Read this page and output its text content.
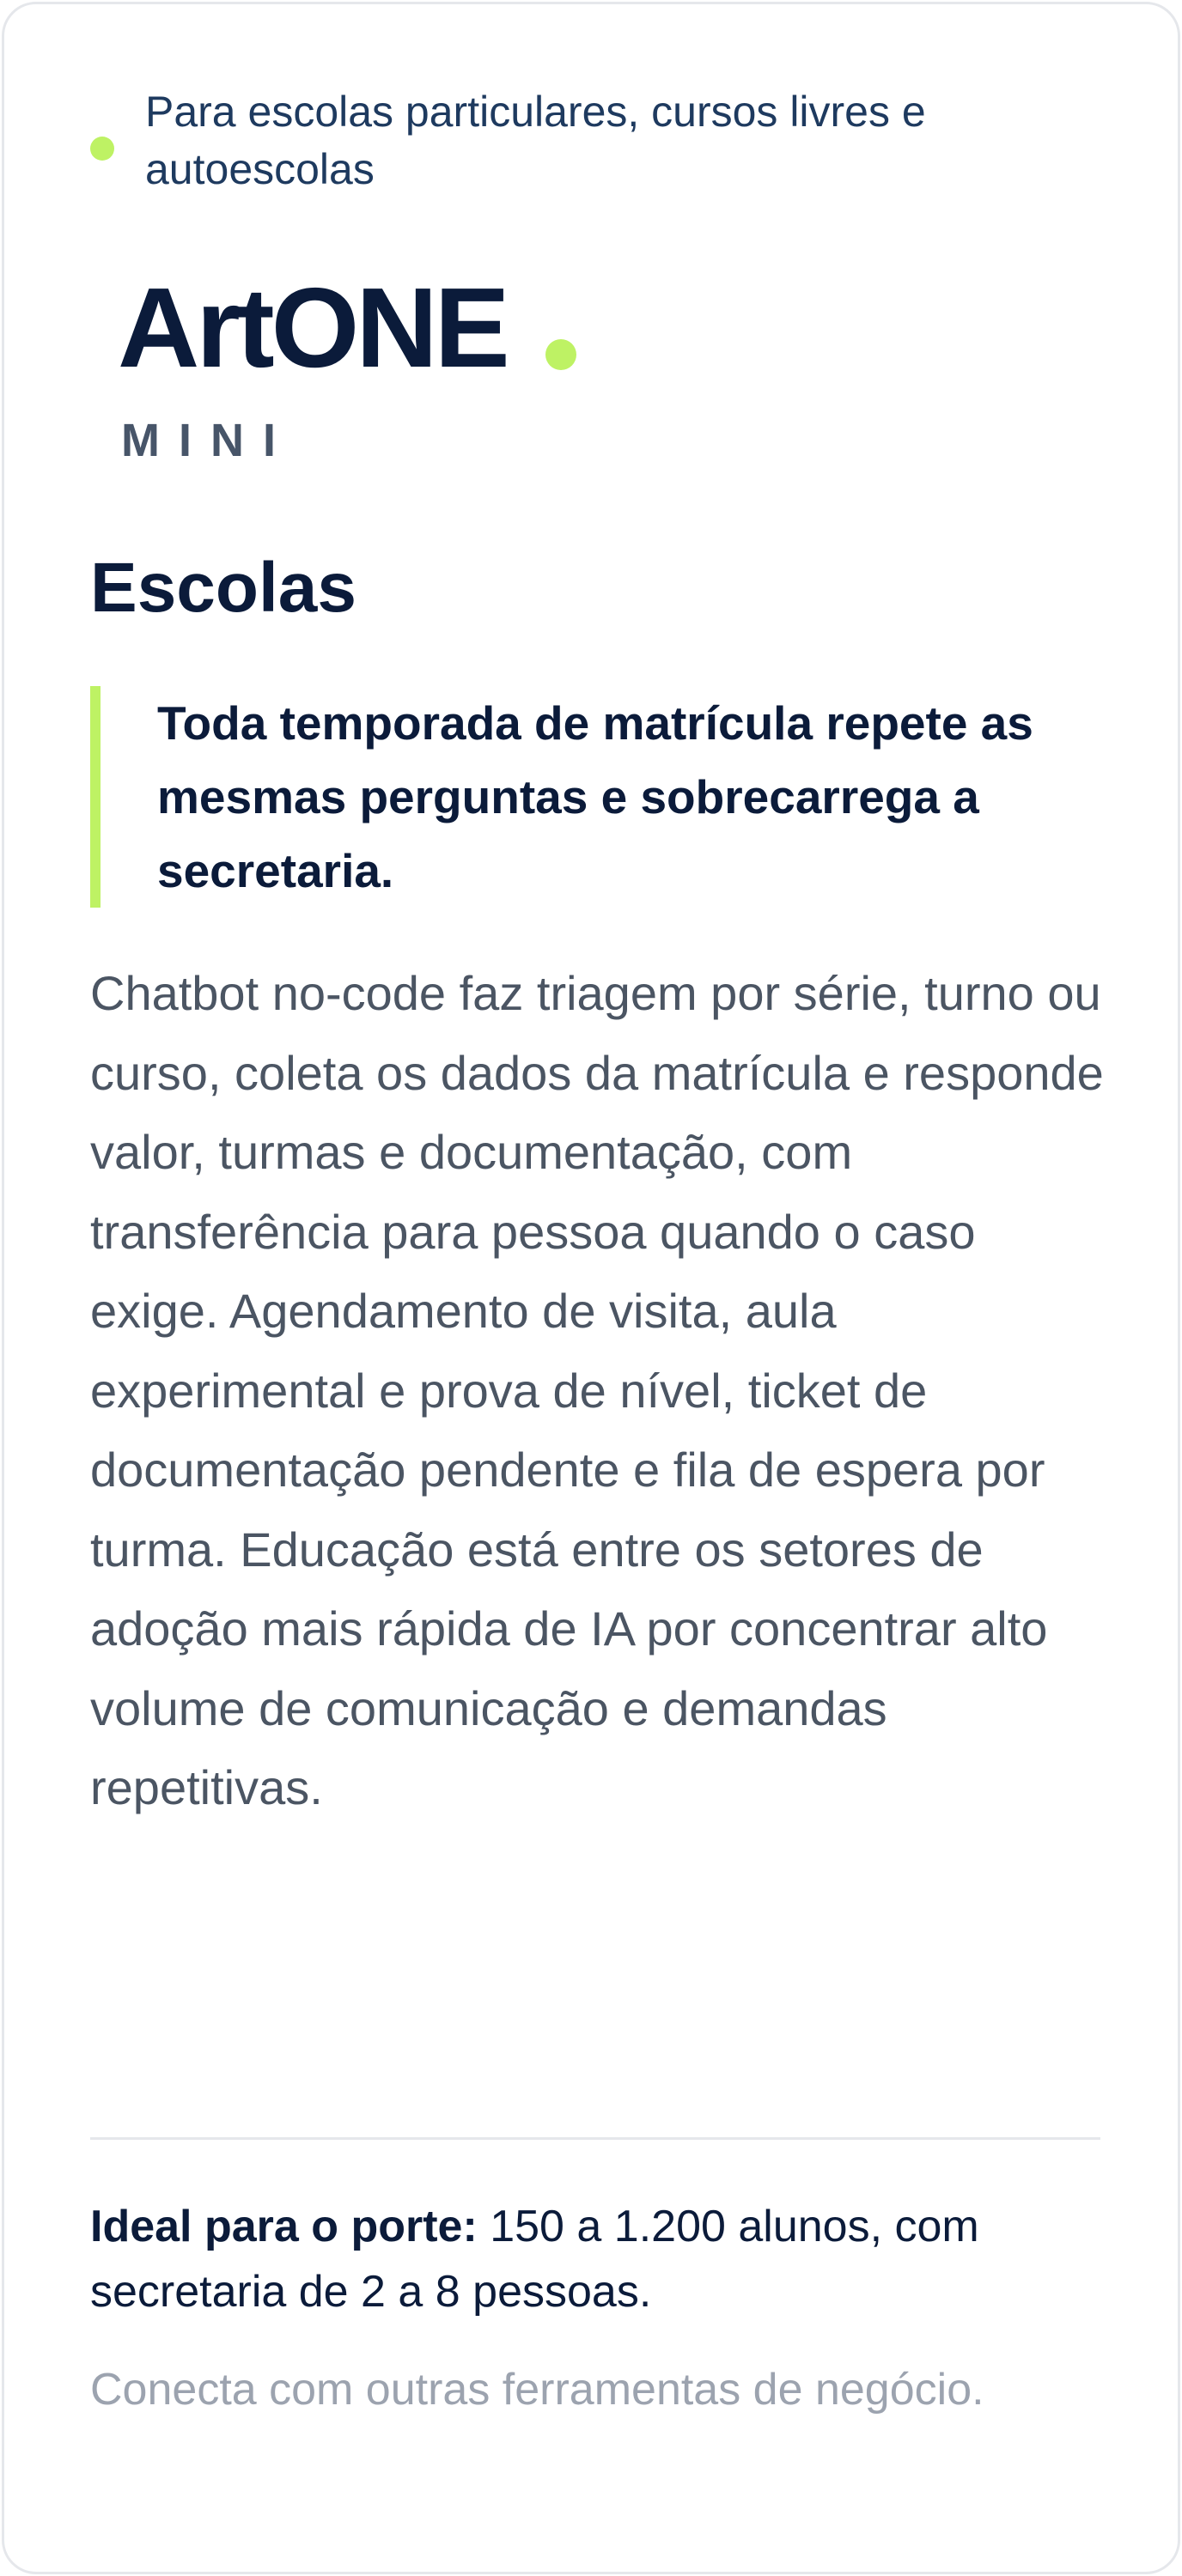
Para escolas particulares, cursos livres e autoescolas
ArtONE
MINI
Escolas
Toda temporada de matrícula repete as mesmas perguntas e sobrecarrega a secretaria.

Chatbot no-code faz triagem por série, turno ou curso, coleta os dados da matrícula e responde valor, turmas e documentação, com transferência para pessoa quando o caso exige. Agendamento de visita, aula experimental e prova de nível, ticket de documentação pendente e fila de espera por turma. Educação está entre os setores de adoção mais rápida de IA por concentrar alto volume de comunicação e demandas repetitivas.

Ideal para o porte: 150 a 1.200 alunos, com secretaria de 2 a 8 pessoas.

Conecta com outras ferramentas de negócio.
